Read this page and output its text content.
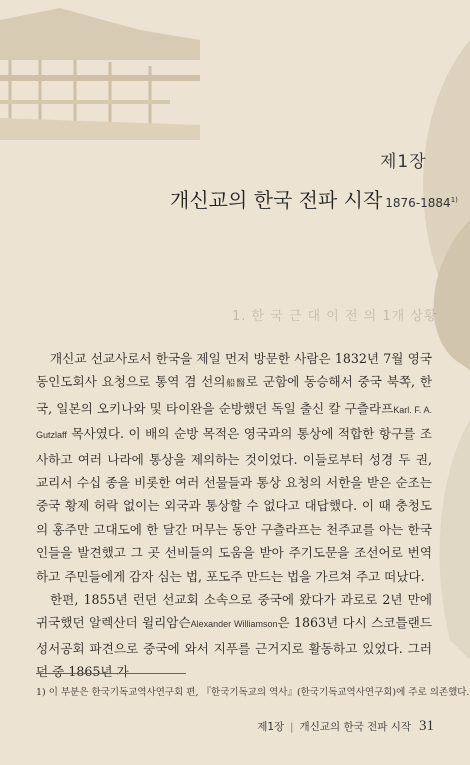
제1장
개신교의 한국 전파 시작 1876-1884$^{1)}$
1. 한 국 근 대 이 전 의 1개 상황

개신교 선교사로서 한국을 제일 먼저 방문한 사람은 1832년 7월 영국 동인도회사 요청으로 통역 겸 선의船醫로 군함에 동승해서 중국 북쪽, 한국, 일본의 오키나와 및 타이완을 순방했던 독일 출신 칼 구츨라프Karl. F. A. Gutzlaff 목사였다. 이 배의 순방 목적은 영국과의 통상에 적합한 항구를 조사하고 여러 나라에 통상을 제의하는 것이었다. 이들로부터 성경 두 권, 교리서 수십 종을 비롯한 여러 선물들과 통상 요청의 서한을 받은 순조는 중국 황제 허락 없이는 외국과 통상할 수 없다고 대답했다. 이 때 충청도의 홍주만 고대도에 한 달간 머무는 동안 구츨라프는 천주교를 아는 한국인들을 발견했고 그 곳 선비들의 도움을 받아 주기도문을 조선어로 번역하고 주민들에게 감자 심는 법, 포도주 만드는 법을 가르쳐 주고 떠났다.

한편, 1855년 런던 선교회 소속으로 중국에 왔다가 과로로 2년 만에 귀국했던 알렉산더 윌리암슨Alexander Williamson은 1863년 다시 스코틀랜드 성서공회 파견으로 중국에 와서 지푸를 근거지로 활동하고 있었다. 그러던 중 1865년 가

1) 이 부분은 한국기독교역사연구회 편, 『한국기독교의 역사』(한국기독교역사연구회)에 주로 의존했다.
제1장 | 개신교의 한국 전파 시작 31
